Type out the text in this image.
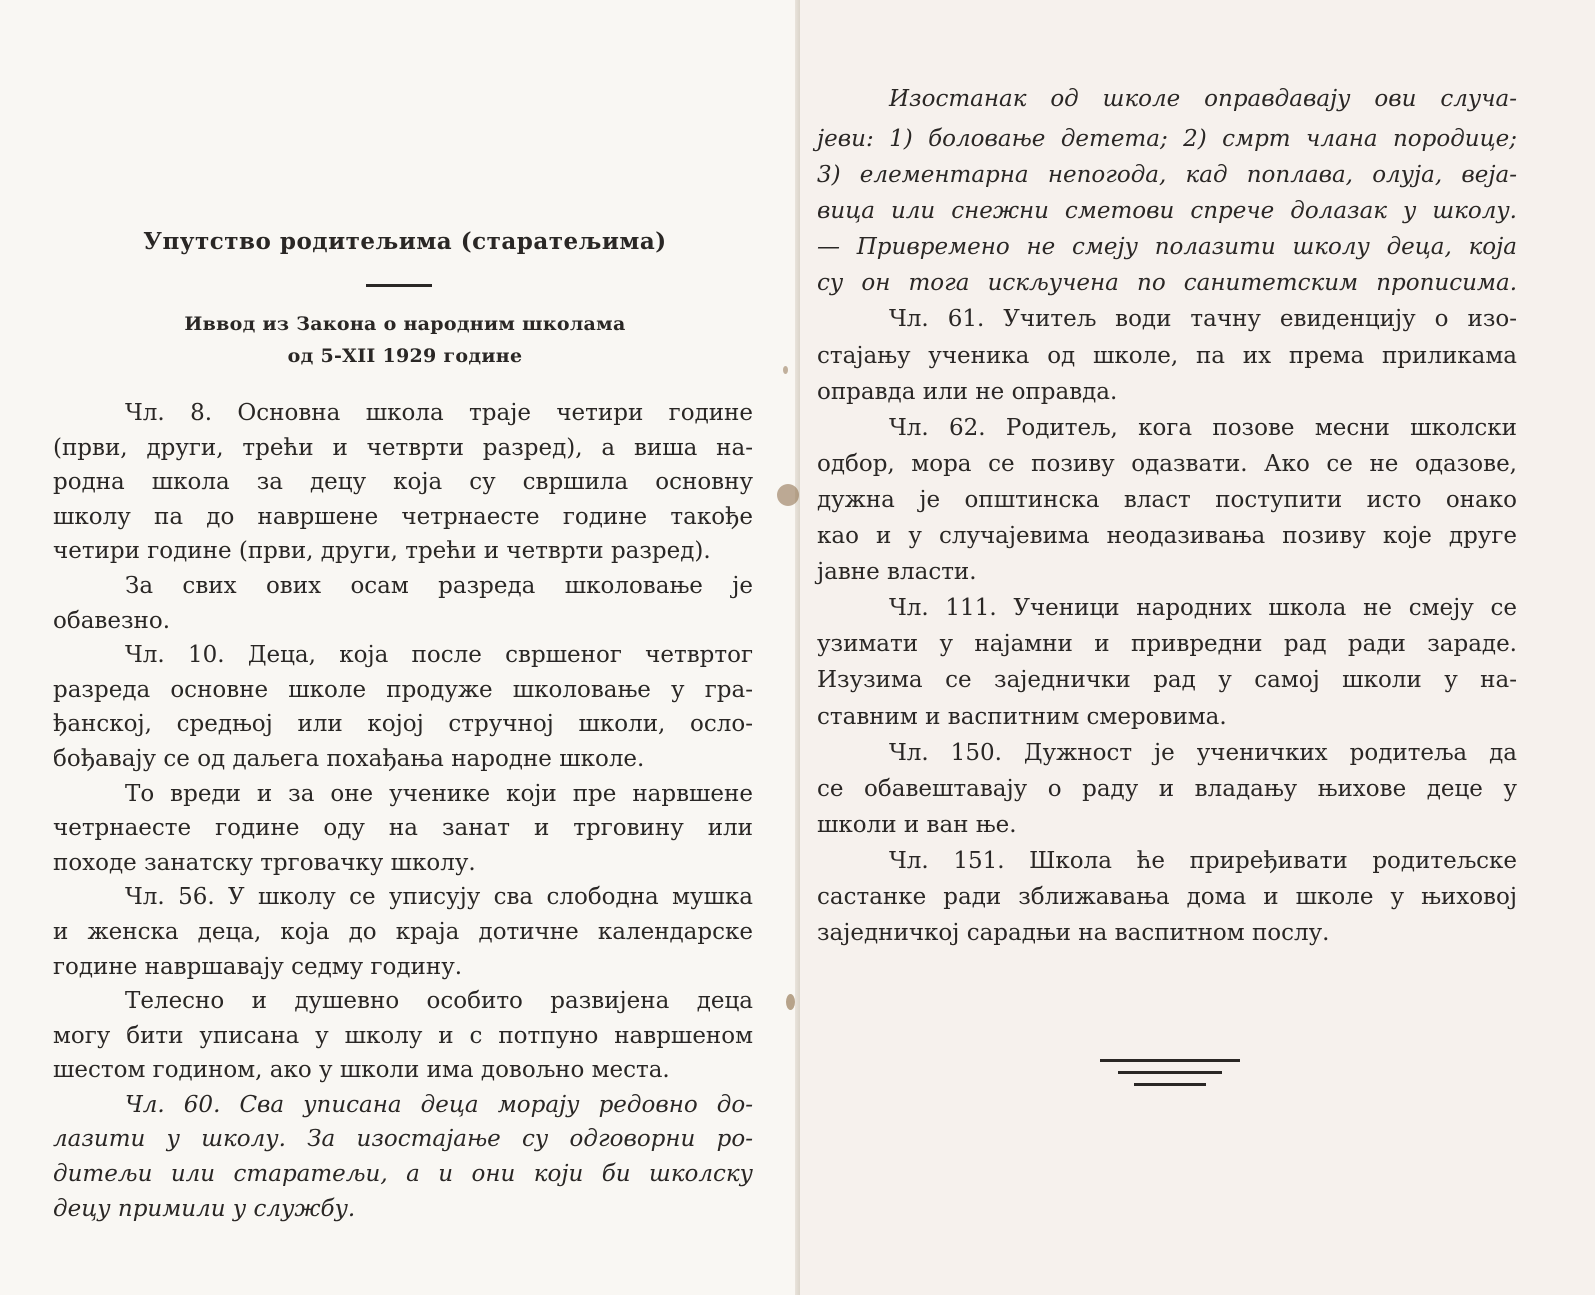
Упутство родитељима (старатељима)
Иввод из Закона о народним школама
од 5-XII 1929 године
Чл. 8. Основна школа траје четири године
(први, други, трећи и четврти разред), а виша на-
родна школа за децу која су свршила основну
школу па до навршене четрнаесте године такође
четири године (први, други, трећи и четврти разред).
За свих ових осам разреда школовање је
обавезно.
Чл. 10. Деца, која после свршеног четвртог
разреда основне школе продуже школовање у гра-
ђанској, средњој или којој стручној школи, осло-
бођавају се од даљега похађања народне школе.
То вреди и за оне ученике који пре нарвшене
четрнаесте године оду на занат и трговину или
походе занатску трговачку школу.
Чл. 56. У школу се уписују сва слободна мушка
и женска деца, која до краја дотичне календарске
године навршавају седму годину.
Телесно и душевно особито развијена деца
могу бити уписана у школу и с потпуно навршеном
шестом годином, ако у школи има довољно места.
Чл. 60. Сва уписана деца морају редовно до-
лазити у школу. За изостајање су одговорни ро-
дитељи или старатељи, а и они који би школску
децу примили у службу.
Изостанак од школе оправдавају ови случа-
јеви: 1) боловање детета; 2) смрт члана породице;
3) елементарна непогода, кад поплава, олуја, веја-
вица или снежни сметови спрече долазак у школу.
— Привремено не смеју полазити школу деца, која
су он тога искључена по санитетским прописима.
Чл. 61. Учитељ води тачну евиденцију о изо-
стајању ученика од школе, па их према приликама
оправда или не оправда.
Чл. 62. Родитељ, кога позове месни школски
одбор, мора се позиву одазвати. Ако се не одазове,
дужна је општинска власт поступити исто онако
као и у случајевима неодазивања позиву које друге
јавне власти.
Чл. 111. Ученици народних школа не смеју се
узимати у најамни и привредни рад ради зараде.
Изузима се заједнички рад у самој школи у на-
ставним и васпитним смеровима.
Чл. 150. Дужност је ученичких родитеља да
се обавештавају о раду и владању њихове деце у
школи и ван ње.
Чл. 151. Школа ће приређивати родитељске
састанке ради зближавања дома и школе у њиховој
заједничкој сарадњи на васпитном послу.
